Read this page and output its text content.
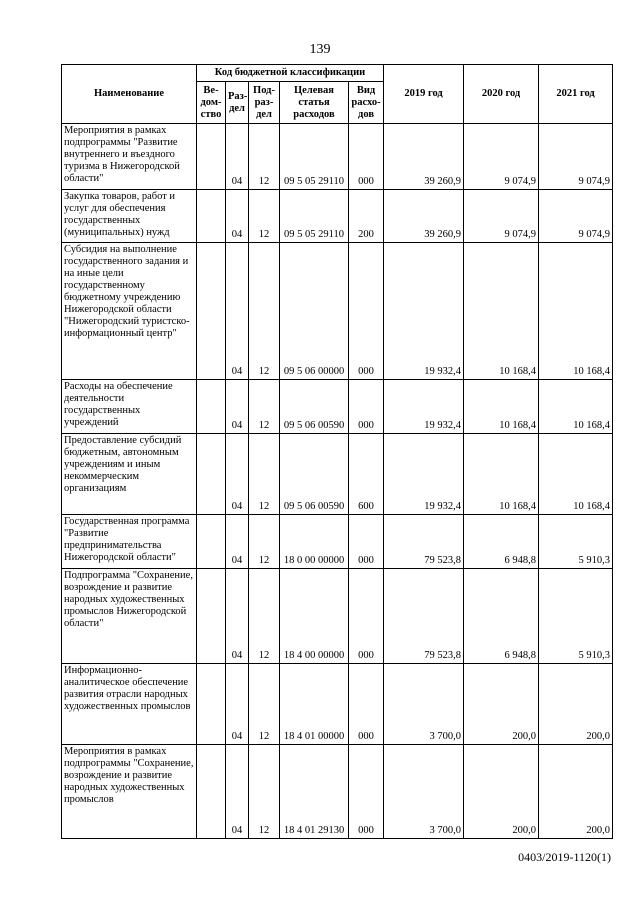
139
Наименование	Код бюджетной классификации					2019 год	2020 год	2021 год
	Ве-дом-ство	Раз-дел	Под-раз-дел	Целевая статья расходов	Вид расхо-дов			
Мероприятия в рамках подпрограммы "Развитие внутреннего и въездного туризма в Нижегородской области"		04	12	09 5 05 29110	000	39 260,9	9 074,9	9 074,9
Закупка товаров, работ и услуг для обеспечения государственных (муниципальных) нужд		04	12	09 5 05 29110	200	39 260,9	9 074,9	9 074,9
Субсидия на выполнение государственного задания и на иные цели государственному бюджетному учреждению Нижегородской области "Нижегородский туристско-информационный центр"		04	12	09 5 06 00000	000	19 932,4	10 168,4	10 168,4
Расходы на обеспечение деятельности государственных учреждений		04	12	09 5 06 00590	000	19 932,4	10 168,4	10 168,4
Предоставление субсидий бюджетным, автономным учреждениям и иным некоммерческим организациям		04	12	09 5 06 00590	600	19 932,4	10 168,4	10 168,4
Государственная программа "Развитие предпринимательства Нижегородской области"		04	12	18 0 00 00000	000	79 523,8	6 948,8	5 910,3
Подпрограмма "Сохранение, возрождение и развитие народных художественных промыслов Нижегородской области"		04	12	18 4 00 00000	000	79 523,8	6 948,8	5 910,3
Информационно-аналитическое обеспечение развития отрасли народных художественных промыслов		04	12	18 4 01 00000	000	3 700,0	200,0	200,0
Мероприятия в рамках подпрограммы "Сохранение, возрождение и развитие народных художественных промыслов		04	12	18 4 01 29130	000	3 700,0	200,0	200,0
0403/2019-1120(1)
